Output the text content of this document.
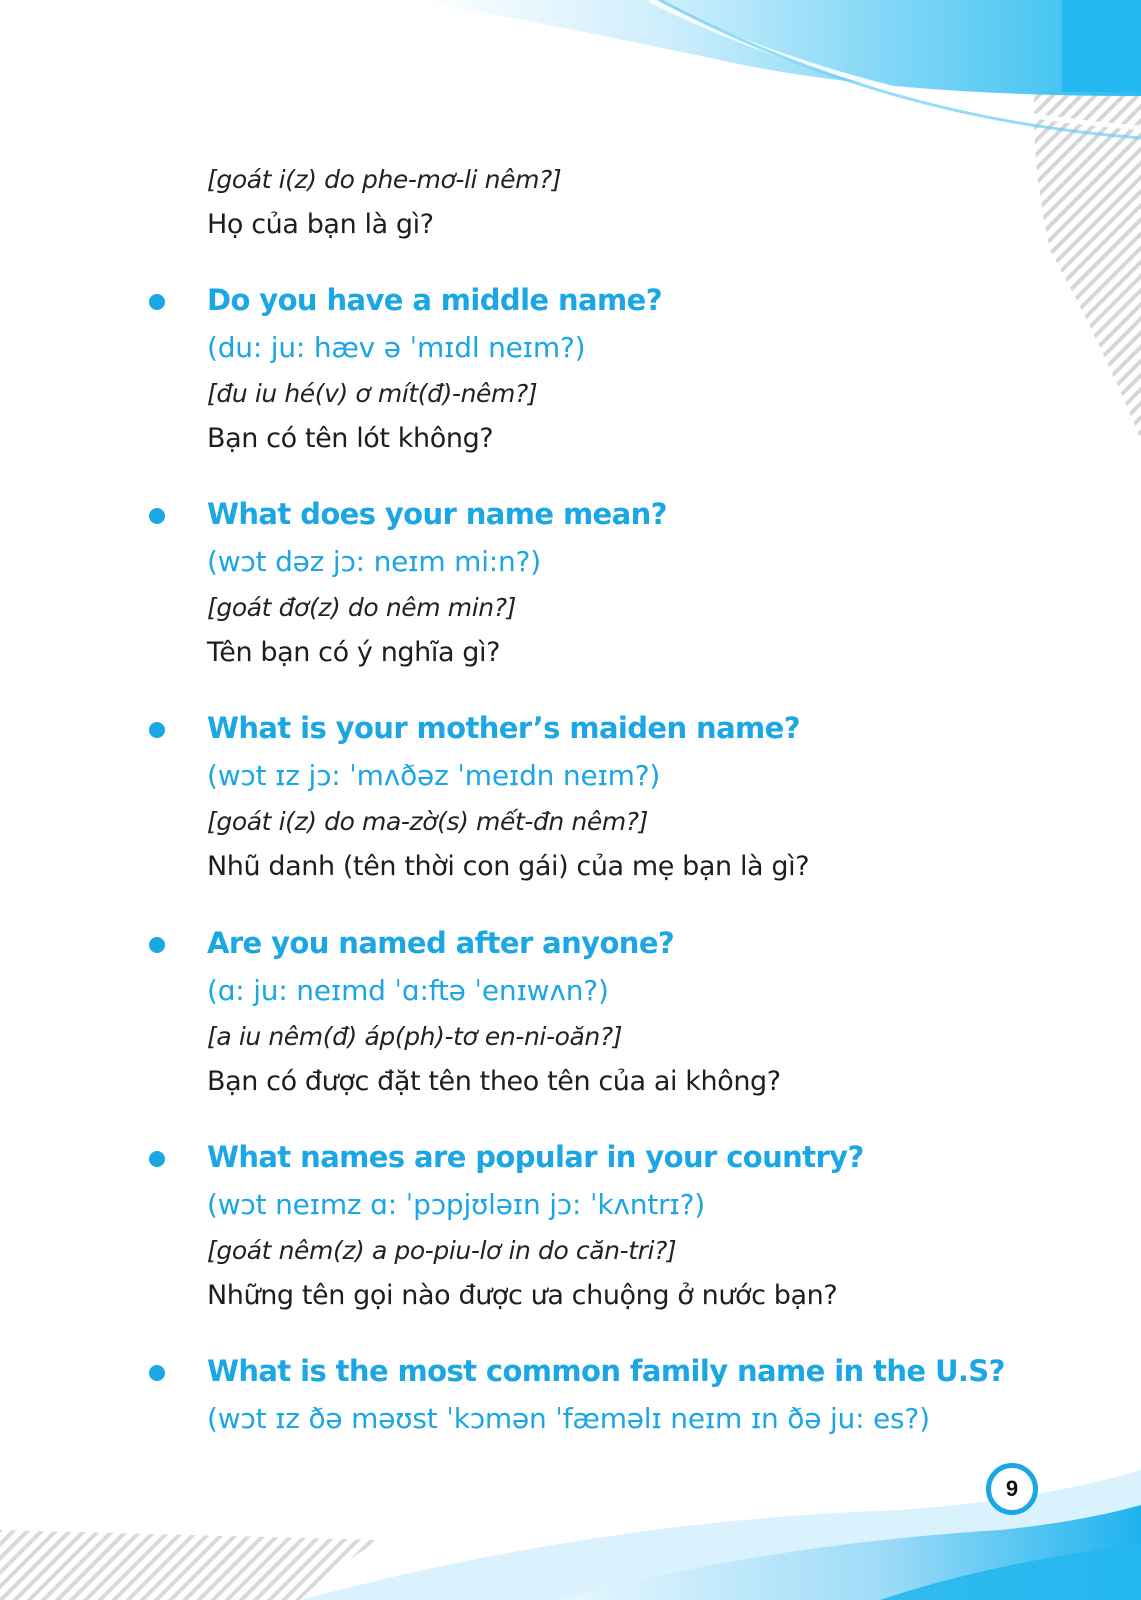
[goát i(z) do phe-mơ-li nêm?]
Họ của bạn là gì?
Do you have a middle name?
(du: ju: hæv ə ˈmɪdl neɪm?)
[đu iu hé(v) ơ mít(đ)-nêm?]
Bạn có tên lót không?
What does your name mean?
(wɔt dəz jɔ: neɪm mi:n?)
[goát đơ(z) do nêm min?]
Tên bạn có ý nghĩa gì?
What is your mother’s maiden name?
(wɔt ɪz jɔ: ˈmʌðəz ˈmeɪdn neɪm?)
[goát i(z) do ma-zờ(s) mết-đn nêm?]
Nhũ danh (tên thời con gái) của mẹ bạn là gì?
Are you named after anyone?
(ɑ: ju: neɪmd ˈɑ:ftə ˈenɪwʌn?)
[a iu nêm(đ) áp(ph)-tơ en-ni-oăn?]
Bạn có được đặt tên theo tên của ai không?
What names are popular in your country?
(wɔt neɪmz ɑ: ˈpɔpjʊləɪn jɔ: ˈkʌntrɪ?)
[goát nêm(z) a po-piu-lơ in do căn-tri?]
Những tên gọi nào được ưa chuộng ở nước bạn?
What is the most common family name in the U.S?
(wɔt ɪz ðə məʊst ˈkɔmən ˈfæməlɪ neɪm ɪn ðə ju: es?)
9
